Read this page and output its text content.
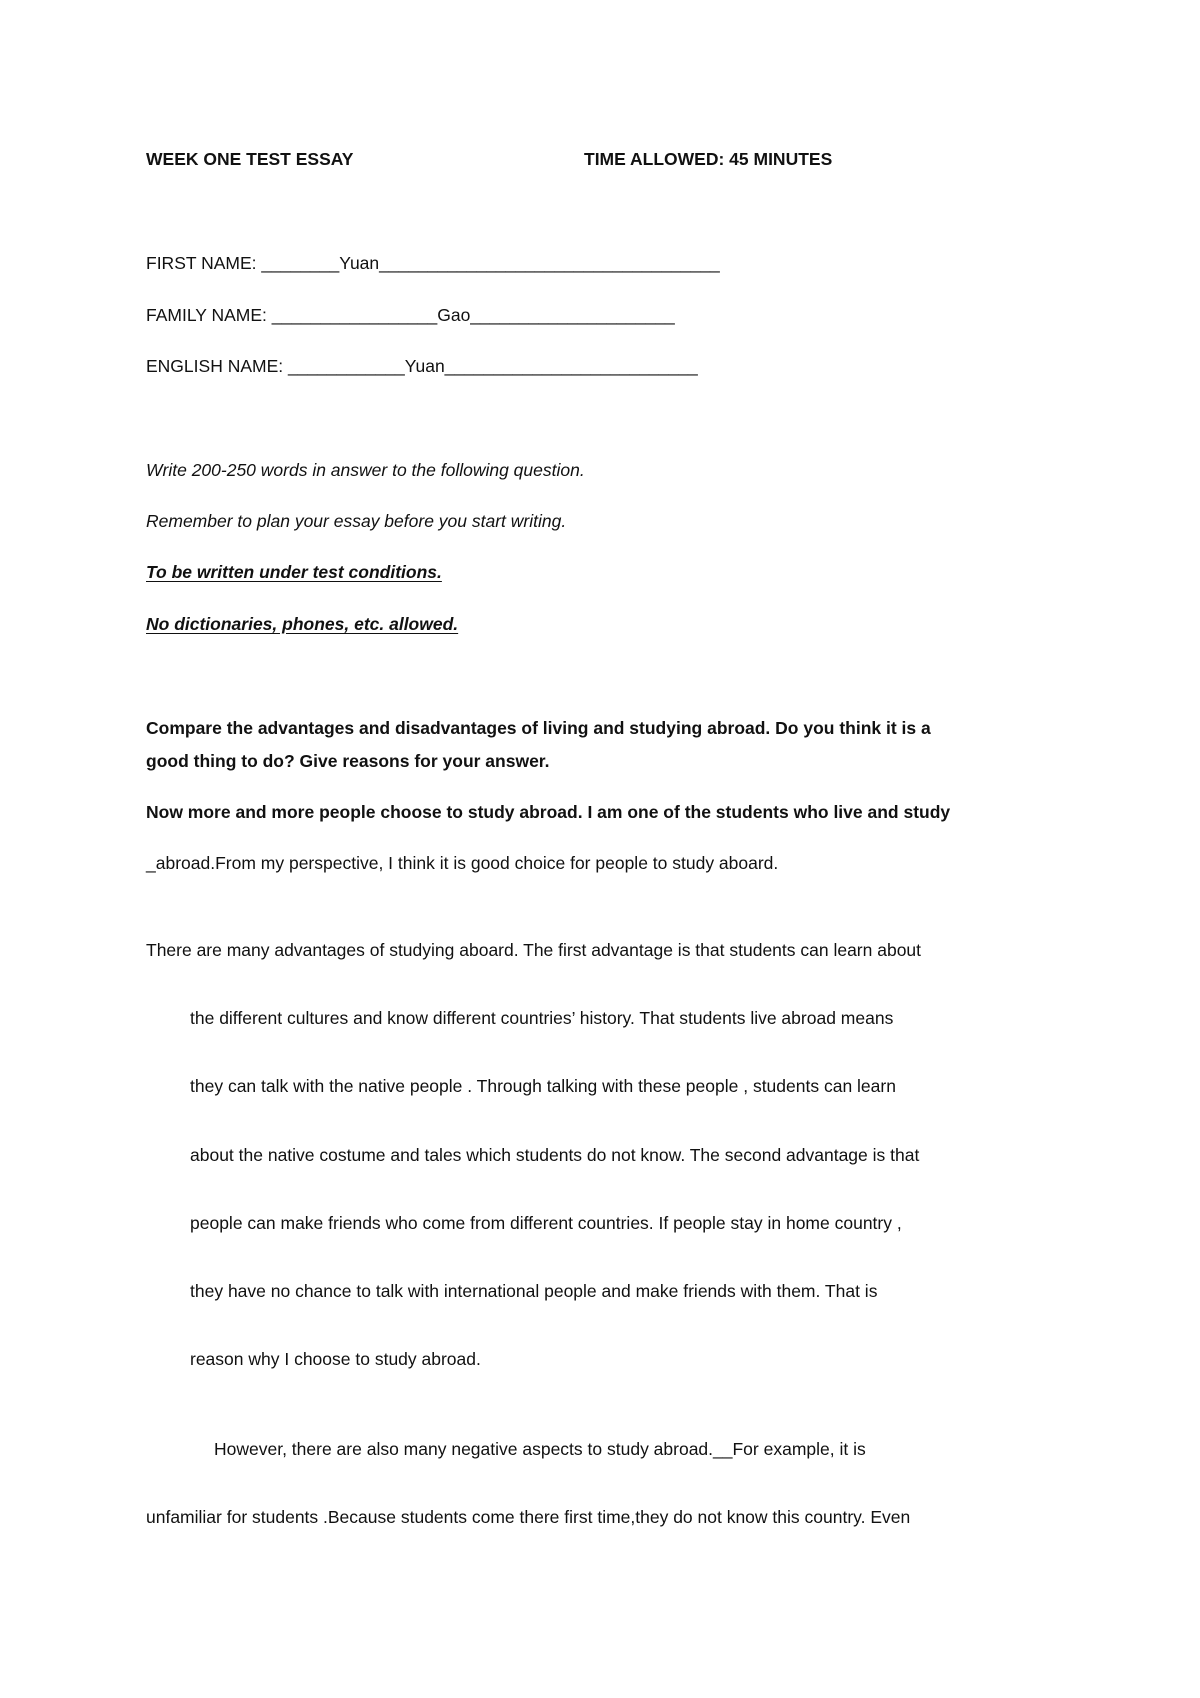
WEEK ONE TEST ESSAY	TIME ALLOWED: 45 MINUTES
FIRST NAME: ________Yuan___________________________________
FAMILY NAME: _________________Gao_____________________
ENGLISH NAME: ____________Yuan__________________________
Write 200-250 words in answer to the following question.
Remember to plan your essay before you start writing.
To be written under test conditions.
No dictionaries, phones, etc. allowed.
Compare the advantages and disadvantages of living and studying abroad. Do you think it is a
good thing to do? Give reasons for your answer.
Now more and more people choose to study abroad. I am one of the students who live and study
_abroad.From my perspective, I think it is good choice for people to study aboard.
There are many advantages of studying aboard. The first advantage is that students can learn about
the different cultures and know different countries’ history. That students live abroad means
they can talk with the native people . Through talking with these people , students can learn
about the native costume and tales which students do not know. The second advantage is that
people can make friends who come from different countries. If people stay in home country ,
they have no chance to talk with international people and make friends with them. That is
reason why I choose to study abroad.
However, there are also many negative aspects to study abroad.__For example, it is
unfamiliar for students .Because students come there first time,they do not know this country. Even
